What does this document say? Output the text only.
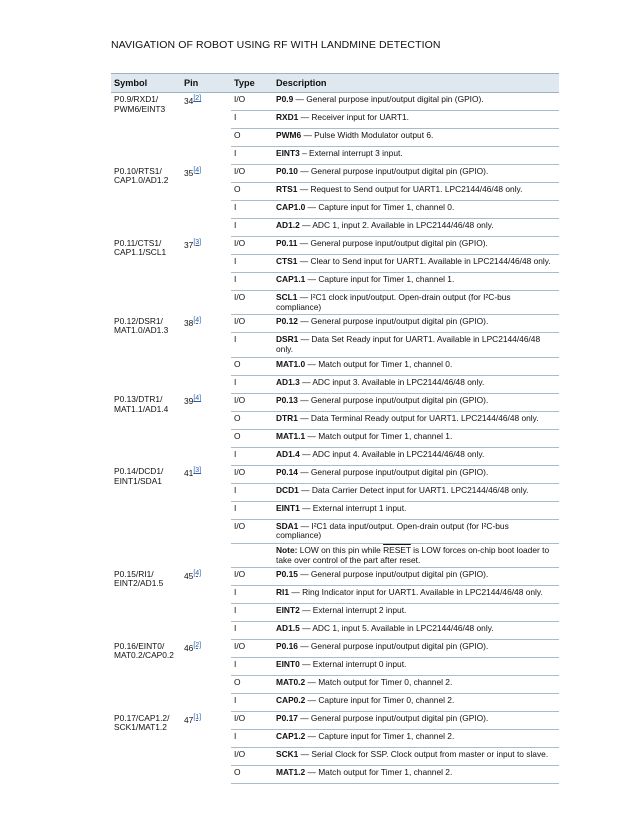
NAVIGATION OF ROBOT USING RF WITH LANDMINE DETECTION
Symbol	Pin	Type	Description
P0.9/RXD1/
PWM6/EINT3	34[2]	I/O	P0.9 — General purpose input/output digital pin (GPIO).
		I	RXD1 — Receiver input for UART1.
		O	PWM6 — Pulse Width Modulator output 6.
		I	EINT3 – External interrupt 3 input.
P0.10/RTS1/
CAP1.0/AD1.2	35[4]	I/O	P0.10 — General purpose input/output digital pin (GPIO).
		O	RTS1 — Request to Send output for UART1. LPC2144/46/48 only.
		I	CAP1.0 — Capture input for Timer 1, channel 0.
		I	AD1.2 — ADC 1, input 2. Available in LPC2144/46/48 only.
P0.11/CTS1/
CAP1.1/SCL1	37[3]	I/O	P0.11 — General purpose input/output digital pin (GPIO).
		I	CTS1 — Clear to Send input for UART1. Available in LPC2144/46/48 only.
		I	CAP1.1 — Capture input for Timer 1, channel 1.
		I/O	SCL1 — I²C1 clock input/output. Open-drain output (for I²C-bus compliance)
P0.12/DSR1/
MAT1.0/AD1.3	38[4]	I/O	P0.12 — General purpose input/output digital pin (GPIO).
		I	DSR1 — Data Set Ready input for UART1. Available in LPC2144/46/48 only.
		O	MAT1.0 — Match output for Timer 1, channel 0.
		I	AD1.3 — ADC input 3. Available in LPC2144/46/48 only.
P0.13/DTR1/
MAT1.1/AD1.4	39[4]	I/O	P0.13 — General purpose input/output digital pin (GPIO).
		O	DTR1 — Data Terminal Ready output for UART1. LPC2144/46/48 only.
		O	MAT1.1 — Match output for Timer 1, channel 1.
		I	AD1.4 — ADC input 4. Available in LPC2144/46/48 only.
P0.14/DCD1/
EINT1/SDA1	41[3]	I/O	P0.14 — General purpose input/output digital pin (GPIO).
		I	DCD1 — Data Carrier Detect input for UART1. LPC2144/46/48 only.
		I	EINT1 — External interrupt 1 input.
		I/O	SDA1 — I²C1 data input/output. Open-drain output (for I²C-bus compliance)
			Note: LOW on this pin while RESET is LOW forces on-chip boot loader to take over control of the part after reset.
P0.15/RI1/
EINT2/AD1.5	45[4]	I/O	P0.15 — General purpose input/output digital pin (GPIO).
		I	RI1 — Ring Indicator input for UART1. Available in LPC2144/46/48 only.
		I	EINT2 — External interrupt 2 input.
		I	AD1.5 — ADC 1, input 5. Available in LPC2144/46/48 only.
P0.16/EINT0/
MAT0.2/CAP0.2	46[2]	I/O	P0.16 — General purpose input/output digital pin (GPIO).
		I	EINT0 — External interrupt 0 input.
		O	MAT0.2 — Match output for Timer 0, channel 2.
		I	CAP0.2 — Capture input for Timer 0, channel 2.
P0.17/CAP1.2/
SCK1/MAT1.2	47[1]	I/O	P0.17 — General purpose input/output digital pin (GPIO).
		I	CAP1.2 — Capture input for Timer 1, channel 2.
		I/O	SCK1 — Serial Clock for SSP. Clock output from master or input to slave.
		O	MAT1.2 — Match output for Timer 1, channel 2.
